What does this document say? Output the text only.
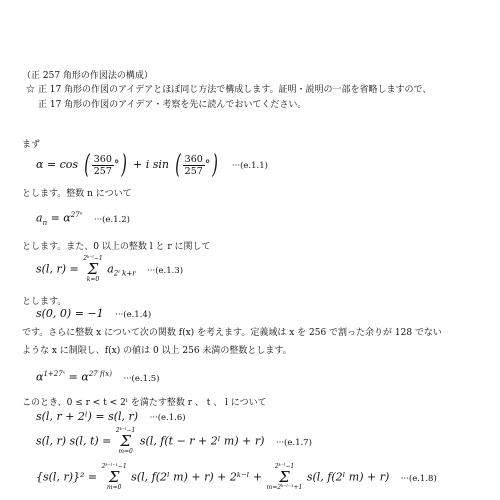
（正 257 角形の作図法の構成）
☆ 正 17 角形の作図のアイデアとほぼ同じ方法で構成します。証明・説明の一部を省略しますので、
正 17 角形の作図のアイデア・考察を先に読んでおいてください。
まず
α = cos ( $\frac{360}{257}$ °) + i sin ( $\frac{360}{257}$ °) ···(e.1.1)
とします。整数 n について
$a_n = \alpha^{27^n} \cdot\cdot\cdot(e.1.2)$
とします。また、0 以上の整数 l と r に関して
s(l, r) =
2ᵏ⁻ˡ−1
Σ
k=0
$a_{2ˡ k+r} \cdot\cdot\cdot(e.1.3)$
とします。
s(0, 0) = −1 ···(e.1.4)
です。さらに整数 x について次の関数 f(x) を考えます。定義域は x を 256 で割った余りが 128 でない
ような x に制限し、f(x) の値は 0 以上 256 未満の整数とします。
$\alpha^{1+27ˣ} = \alpha^{27 f(x)} \cdot\cdot\cdot(e.1.5)$
このとき、0 ≤ r < t < 2ˡ を満たす整数 r 、 t 、 l について
s(l, r + 2ˡ) = s(l, r) ···(e.1.6)
s(l, r) s(l, t) =
2ᵏ⁻ˡ−1
Σ
m=0
s(l, f(t − r + 2ˡ m) + r) ···(e.1.7)
{s(l, r)}² =
2ᵏ⁻ˡ⁻¹−1
Σ
m=0
s(l, f(2ˡ m) + r) + 2ᵏ⁻ˡ +
2ᵏ⁻ˡ−1
Σ
m=2ᵏ⁻ˡ⁻¹+1
s(l, f(2ˡ m) + r) ···(e.1.8)
